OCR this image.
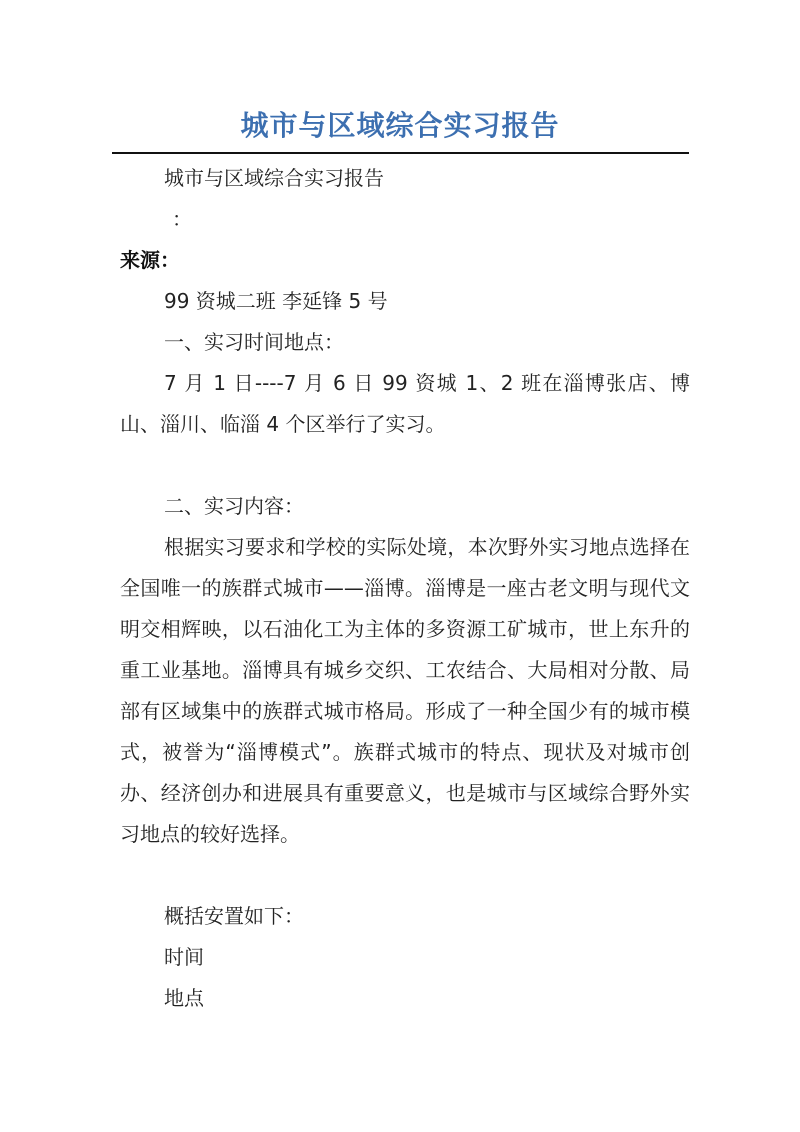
城市与区域综合实习报告
城市与区域综合实习报告
：
来源：
99 资城二班 李延锋 5 号
一、实习时间地点：

7 月 1 日----7 月 6 日 99 资城 1、2 班在淄博张店、博山、淄川、临淄 4 个区举行了实习。

二、实习内容：

根据实习要求和学校的实际处境，本次野外实习地点选择在全国唯一的族群式城市——淄博。淄博是一座古老文明与现代文明交相辉映，以石油化工为主体的多资源工矿城市，世上东升的重工业基地。淄博具有城乡交织、工农结合、大局相对分散、局部有区域集中的族群式城市格局。形成了一种全国少有的城市模式，被誉为“淄博模式”。族群式城市的特点、现状及对城市创办、经济创办和进展具有重要意义，也是城市与区域综合野外实习地点的较好选择。

概括安置如下：
时间
地点
